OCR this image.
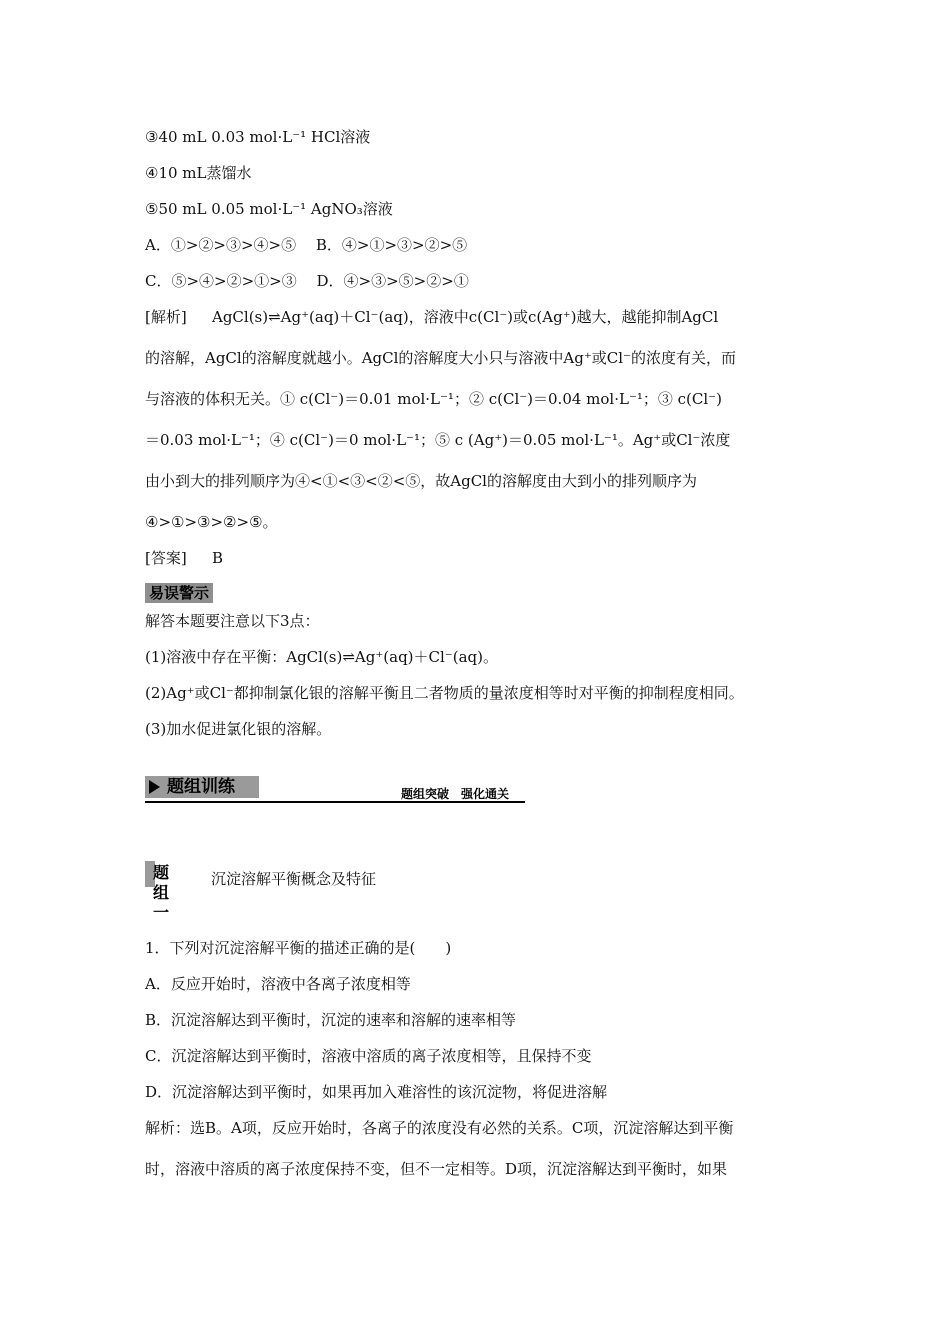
③40 mL 0.03 mol·L⁻¹ HCl溶液
④10 mL蒸馏水
⑤50 mL 0.05 mol·L⁻¹ AgNO₃溶液
A．①>②>③>④>⑤　 B．④>①>③>②>⑤
C．⑤>④>②>①>③　 D．④>③>⑤>②>①
[解析] AgCl(s)⇌Ag⁺(aq)＋Cl⁻(aq)，溶液中c(Cl⁻)或c(Ag⁺)越大，越能抑制AgCl
的溶解，AgCl的溶解度就越小。AgCl的溶解度大小只与溶液中Ag⁺或Cl⁻的浓度有关，而
与溶液的体积无关。① c(Cl⁻)＝0.01 mol·L⁻¹；② c(Cl⁻)＝0.04 mol·L⁻¹；③ c(Cl⁻)
＝0.03 mol·L⁻¹；④ c(Cl⁻)＝0 mol·L⁻¹；⑤ c (Ag⁺)＝0.05 mol·L⁻¹。Ag⁺或Cl⁻浓度
由小到大的排列顺序为④<①<③<②<⑤，故AgCl的溶解度由大到小的排列顺序为
④>①>③>②>⑤。
[答案] B
易误警示
解答本题要注意以下3点：
(1)溶液中存在平衡：AgCl(s)⇌Ag⁺(aq)＋Cl⁻(aq)。
(2)Ag⁺或Cl⁻都抑制氯化银的溶解平衡且二者物质的量浓度相等时对平衡的抑制程度相同。
(3)加水促进氯化银的溶解。
题组训练	题组突破　强化通关
题组一
沉淀溶解平衡概念及特征
1．下列对沉淀溶解平衡的描述正确的是(　　)
A．反应开始时，溶液中各离子浓度相等
B．沉淀溶解达到平衡时，沉淀的速率和溶解的速率相等
C．沉淀溶解达到平衡时，溶液中溶质的离子浓度相等，且保持不变
D．沉淀溶解达到平衡时，如果再加入难溶性的该沉淀物，将促进溶解
解析：选B。A项，反应开始时，各离子的浓度没有必然的关系。C项，沉淀溶解达到平衡
时，溶液中溶质的离子浓度保持不变，但不一定相等。D项，沉淀溶解达到平衡时，如果
